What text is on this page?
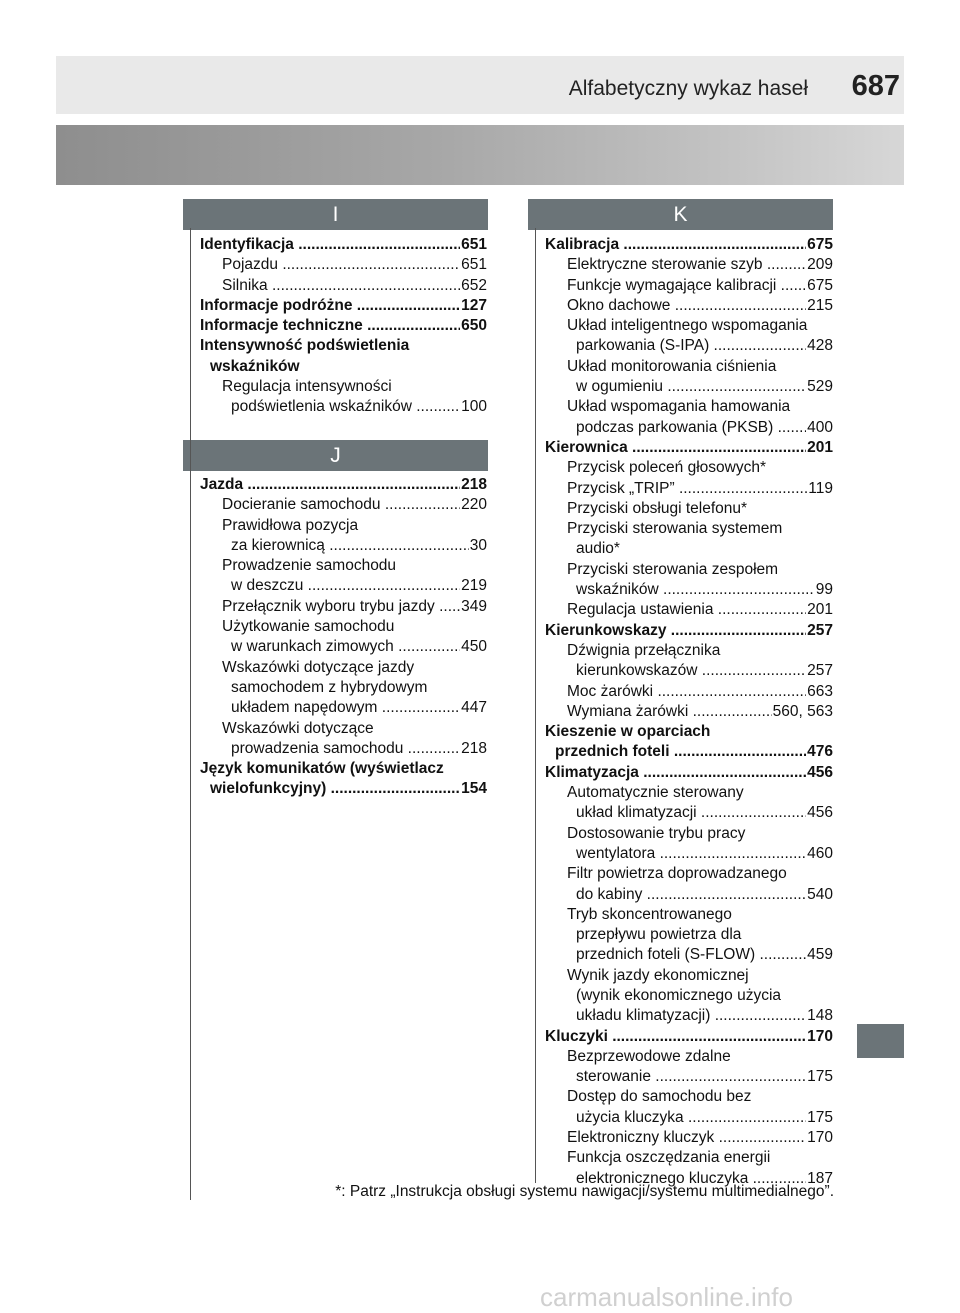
Alfabetyczny wykaz haseł 687
I	K
J
651
Identyfikacja .....
651
Pojazdu .....
652
Silnika .....
127
Informacje podróżne .....
650
Informacje techniczne .....
Intensywność podświetlenia
wskaźników
Regulacja intensywności
100
podświetlenia wskaźników .....
218
Jazda .....
220
Docieranie samochodu .....
Prawidłowa pozycja
30
za kierownicą .....
Prowadzenie samochodu
219
w deszczu .....
349
Przełącznik wyboru trybu jazdy .....
Użytkowanie samochodu
450
w warunkach zimowych .....
Wskazówki dotyczące jazdy
samochodem z hybrydowym
447
układem napędowym .....
Wskazówki dotyczące
218
prowadzenia samochodu .....
Język komunikatów (wyświetlacz
154
wielofunkcyjny) .....
675
Kalibracja .....
209
Elektryczne sterowanie szyb .....
675
Funkcje wymagające kalibracji .....
215
Okno dachowe .....
Układ inteligentnego wspomagania
428
parkowania (S-IPA) .....
Układ monitorowania ciśnienia
529
w ogumieniu .....
Układ wspomagania hamowania
400
podczas parkowania (PKSB) .....
201
Kierownica .....
Przycisk poleceń głosowych*
119
Przycisk „TRIP” .....
Przyciski obsługi telefonu*
Przyciski sterowania systemem
audio*
Przyciski sterowania zespołem
99
wskaźników .....
201
Regulacja ustawienia .....
257
Kierunkowskazy .....
Dźwignia przełącznika
257
kierunkowskazów .....
663
Moc żarówki .....
560, 563
Wymiana żarówki .....
Kieszenie w oparciach
476
przednich foteli .....
456
Klimatyzacja .....
Automatycznie sterowany
456
układ klimatyzacji .....
Dostosowanie trybu pracy
460
wentylatora .....
Filtr powietrza doprowadzanego
540
do kabiny .....
Tryb skoncentrowanego
przepływu powietrza dla
459
przednich foteli (S-FLOW) .....
Wynik jazdy ekonomicznej
(wynik ekonomicznego użycia
148
układu klimatyzacji) .....
170
Kluczyki .....
Bezprzewodowe zdalne
175
sterowanie .....
Dostęp do samochodu bez
175
użycia kluczyka .....
170
Elektroniczny kluczyk .....
Funkcja oszczędzania energii
187
elektronicznego kluczyka .....
*: Patrz „Instrukcja obsługi systemu nawigacji/systemu multimedialnego”.
carmanualsonline.info
